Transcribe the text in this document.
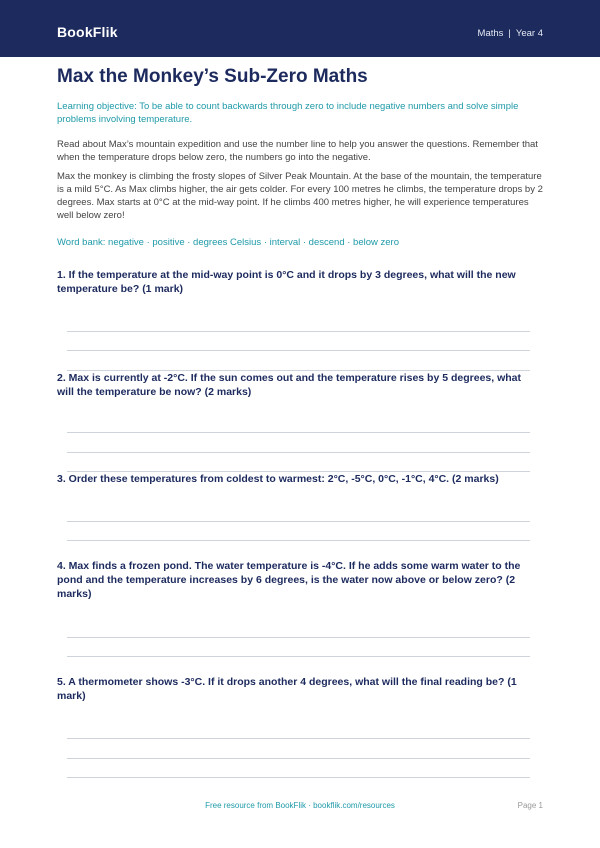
BookFlik	Maths | Year 4
Max the Monkey’s Sub-Zero Maths
Learning objective: To be able to count backwards through zero to include negative numbers and solve simple problems involving temperature.
Read about Max’s mountain expedition and use the number line to help you answer the questions. Remember that when the temperature drops below zero, the numbers go into the negative.
Max the monkey is climbing the frosty slopes of Silver Peak Mountain. At the base of the mountain, the temperature is a mild 5°C. As Max climbs higher, the air gets colder. For every 100 metres he climbs, the temperature drops by 2 degrees. Max starts at 0°C at the mid-way point. If he climbs 400 metres higher, he will experience temperatures well below zero!
Word bank: negative · positive · degrees Celsius · interval · descend · below zero
1. If the temperature at the mid-way point is 0°C and it drops by 3 degrees, what will the new temperature be? (1 mark)
2. Max is currently at -2°C. If the sun comes out and the temperature rises by 5 degrees, what will the temperature be now? (2 marks)
3. Order these temperatures from coldest to warmest: 2°C, -5°C, 0°C, -1°C, 4°C. (2 marks)
4. Max finds a frozen pond. The water temperature is -4°C. If he adds some warm water to the pond and the temperature increases by 6 degrees, is the water now above or below zero? (2 marks)
5. A thermometer shows -3°C. If it drops another 4 degrees, what will the final reading be? (1 mark)
Free resource from BookFlik · bookflik.com/resources	Page 1
